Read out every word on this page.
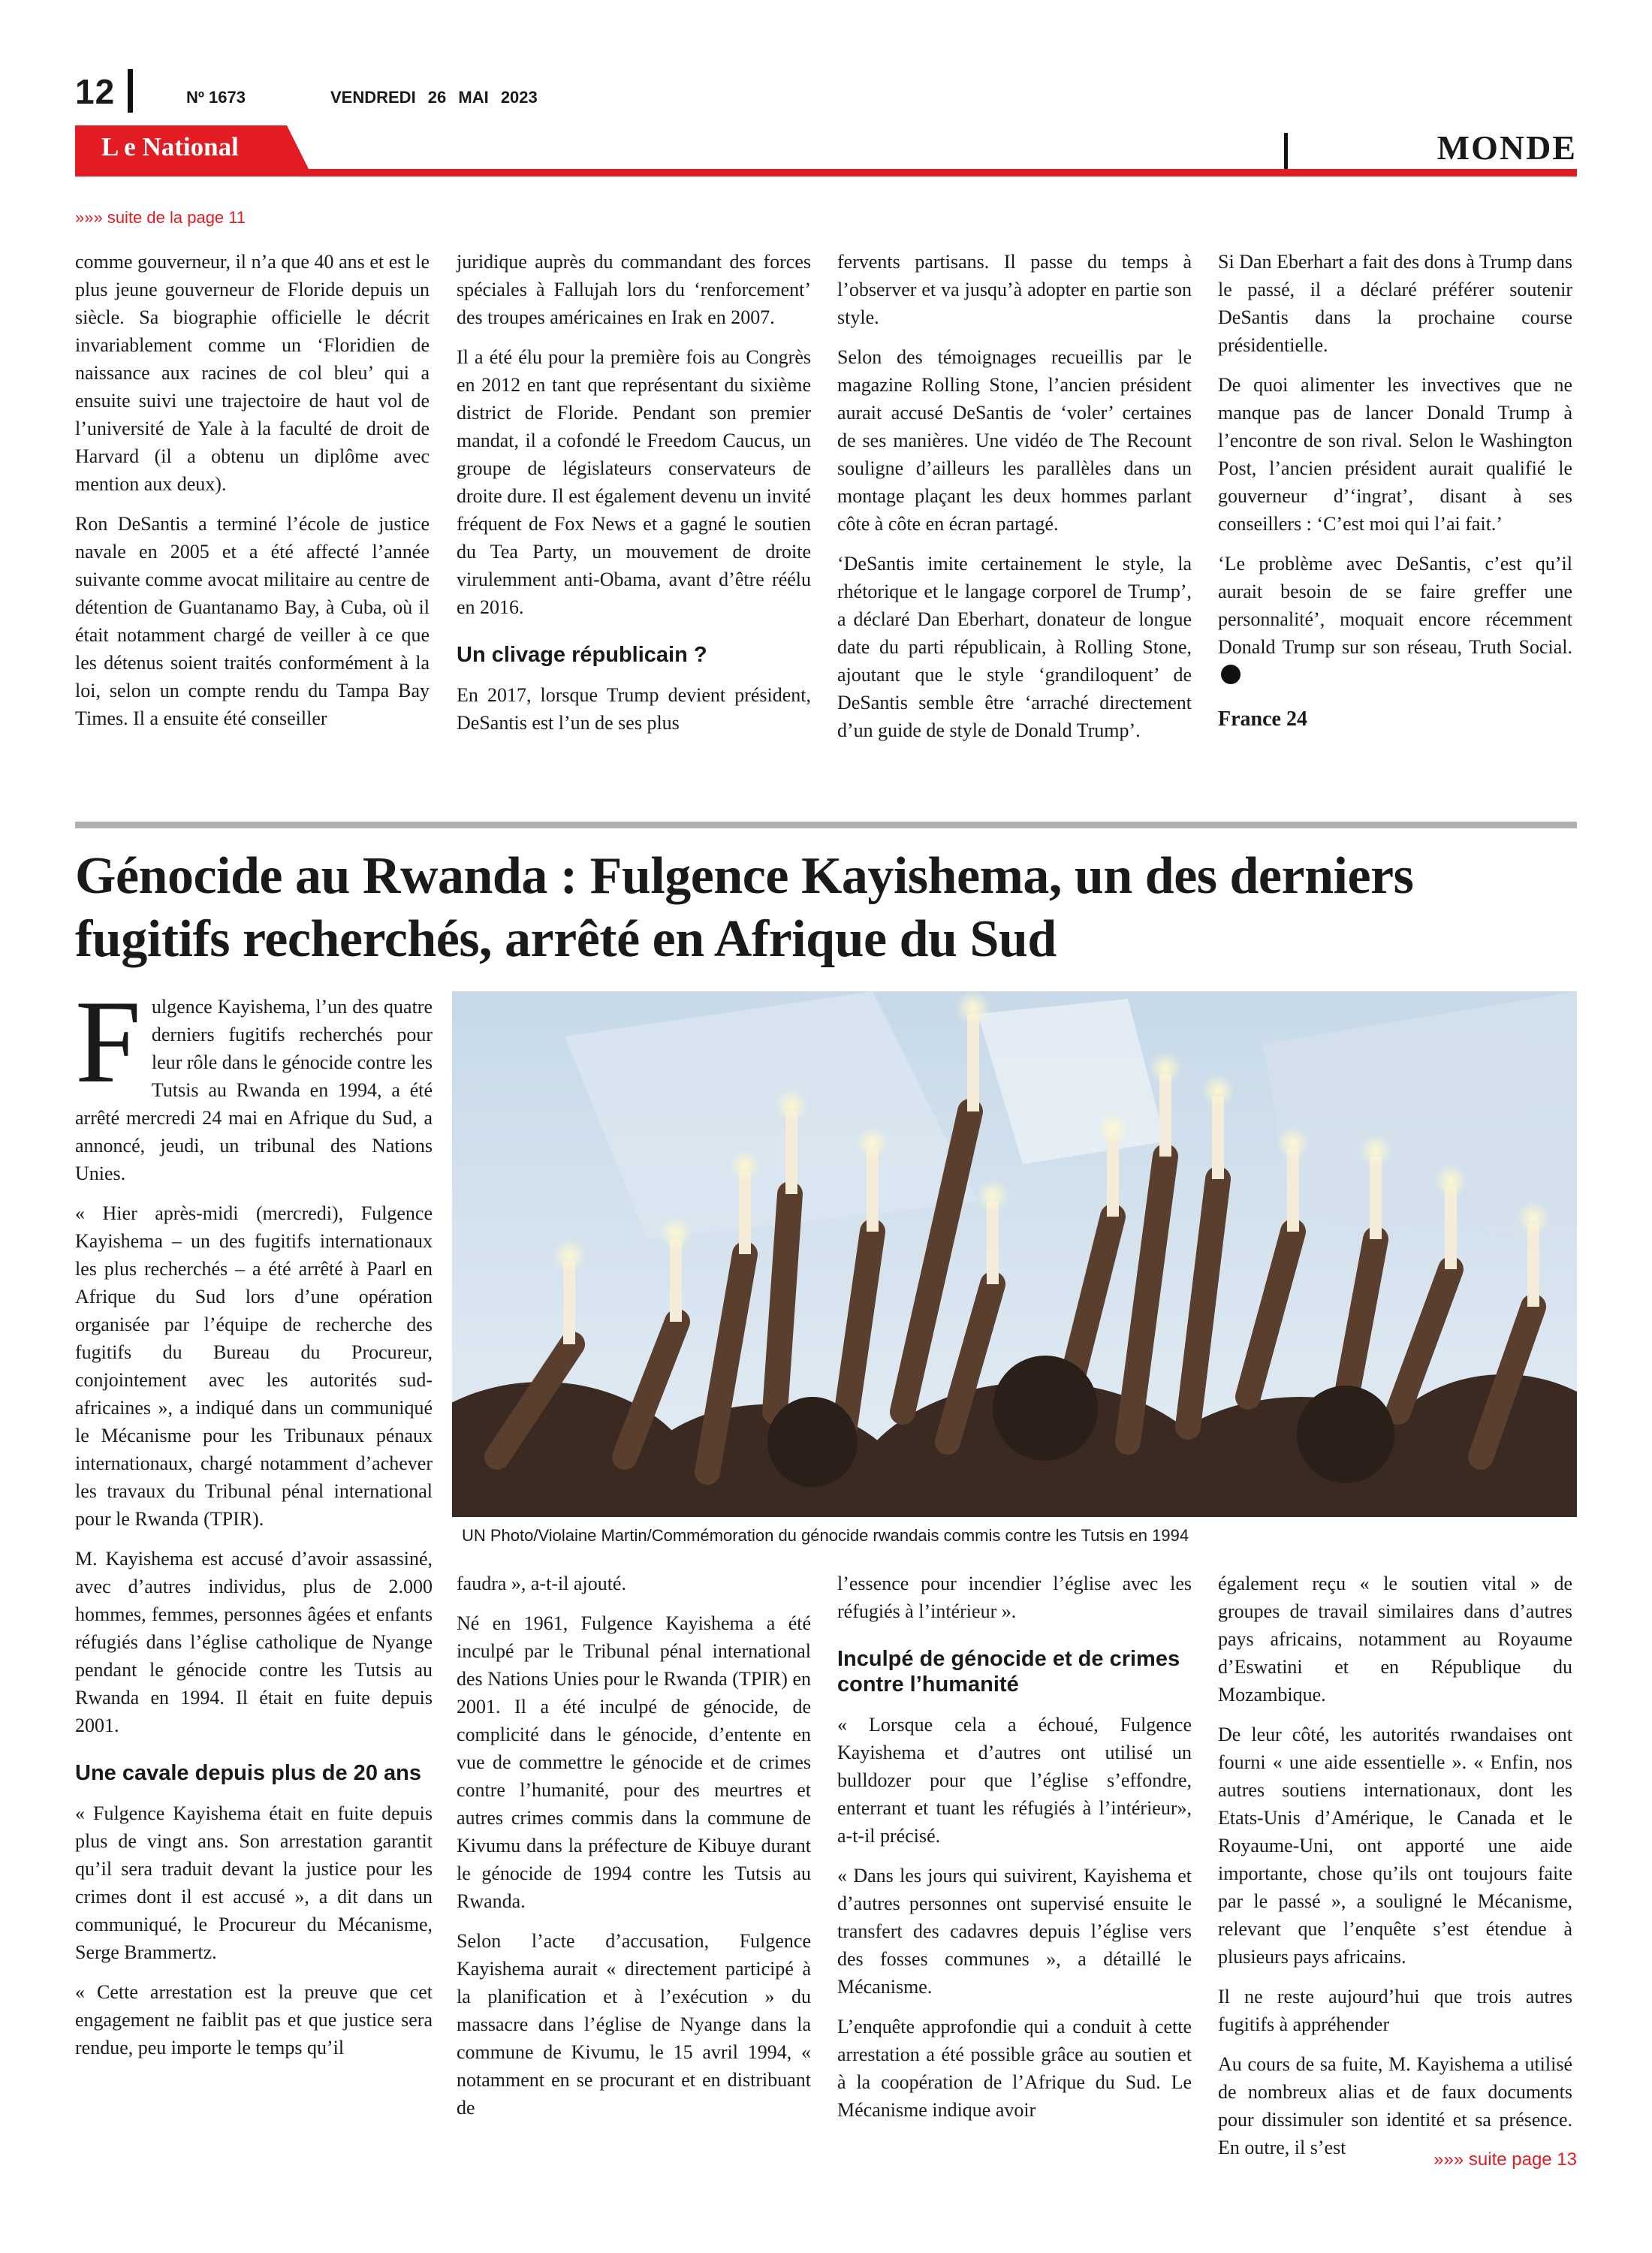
12	Nº 1673	VENDREDI 26 MAI 2023
L e National	MONDE
»»» suite de la page 11

comme gouverneur, il n’a que 40 ans et est le plus jeune gouverneur de Floride depuis un siècle. Sa biographie officielle le décrit invariablement comme un ‘Floridien de naissance aux racines de col bleu’ qui a ensuite suivi une trajectoire de haut vol de l’université de Yale à la faculté de droit de Harvard (il a obtenu un diplôme avec mention aux deux).

Ron DeSantis a terminé l’école de justice navale en 2005 et a été affecté l’année suivante comme avocat militaire au centre de détention de Guantanamo Bay, à Cuba, où il était notamment chargé de veiller à ce que les détenus soient traités conformément à la loi, selon un compte rendu du Tampa Bay Times. Il a ensuite été conseiller

juridique auprès du commandant des forces spéciales à Fallujah lors du ‘renforcement’ des troupes américaines en Irak en 2007.

Il a été élu pour la première fois au Congrès en 2012 en tant que représentant du sixième district de Floride. Pendant son premier mandat, il a cofondé le Freedom Caucus, un groupe de législateurs conservateurs de droite dure. Il est également devenu un invité fréquent de Fox News et a gagné le soutien du Tea Party, un mouvement de droite virulemment anti-Obama, avant d’être réélu en 2016.

Un clivage républicain ?

En 2017, lorsque Trump devient président, DeSantis est l’un de ses plus

fervents partisans. Il passe du temps à l’observer et va jusqu’à adopter en partie son style.

Selon des témoignages recueillis par le magazine Rolling Stone, l’ancien président aurait accusé DeSantis de ‘voler’ certaines de ses manières. Une vidéo de The Recount souligne d’ailleurs les parallèles dans un montage plaçant les deux hommes parlant côte à côte en écran partagé.

‘DeSantis imite certainement le style, la rhétorique et le langage corporel de Trump’, a déclaré Dan Eberhart, donateur de longue date du parti républicain, à Rolling Stone, ajoutant que le style ‘grandiloquent’ de DeSantis semble être ‘arraché directement d’un guide de style de Donald Trump’.

Si Dan Eberhart a fait des dons à Trump dans le passé, il a déclaré préférer soutenir DeSantis dans la prochaine course présidentielle.

De quoi alimenter les invectives que ne manque pas de lancer Donald Trump à l’encontre de son rival. Selon le Washington Post, l’ancien président aurait qualifié le gouverneur d’‘ingrat’, disant à ses conseillers : ‘C’est moi qui l’ai fait.’

‘Le problème avec DeSantis, c’est qu’il aurait besoin de se faire greffer une personnalité’, moquait encore récemment Donald Trump sur son réseau, Truth Social.

France 24

Génocide au Rwanda : Fulgence Kayishema, un des derniers fugitifs recherchés, arrêté en Afrique du Sud
UN Photo/Violaine Martin/Commémoration du génocide rwandais commis contre les Tutsis en 1994

Fulgence Kayishema, l’un des quatre derniers fugitifs recherchés pour leur rôle dans le génocide contre les Tutsis au Rwanda en 1994, a été arrêté mercredi 24 mai en Afrique du Sud, a annoncé, jeudi, un tribunal des Nations Unies.

« Hier après-midi (mercredi), Fulgence Kayishema – un des fugitifs internationaux les plus recherchés – a été arrêté à Paarl en Afrique du Sud lors d’une opération organisée par l’équipe de recherche des fugitifs du Bureau du Procureur, conjointement avec les autorités sud-africaines », a indiqué dans un communiqué le Mécanisme pour les Tribunaux pénaux internationaux, chargé notamment d’achever les travaux du Tribunal pénal international pour le Rwanda (TPIR).

M. Kayishema est accusé d’avoir assassiné, avec d’autres individus, plus de 2.000 hommes, femmes, personnes âgées et enfants réfugiés dans l’église catholique de Nyange pendant le génocide contre les Tutsis au Rwanda en 1994. Il était en fuite depuis 2001.

Une cavale depuis plus de 20 ans

« Fulgence Kayishema était en fuite depuis plus de vingt ans. Son arrestation garantit qu’il sera traduit devant la justice pour les crimes dont il est accusé », a dit dans un communiqué, le Procureur du Mécanisme, Serge Brammertz.

« Cette arrestation est la preuve que cet engagement ne faiblit pas et que justice sera rendue, peu importe le temps qu’il

faudra », a-t-il ajouté.

Né en 1961, Fulgence Kayishema a été inculpé par le Tribunal pénal international des Nations Unies pour le Rwanda (TPIR) en 2001. Il a été inculpé de génocide, de complicité dans le génocide, d’entente en vue de commettre le génocide et de crimes contre l’humanité, pour des meurtres et autres crimes commis dans la commune de Kivumu dans la préfecture de Kibuye durant le génocide de 1994 contre les Tutsis au Rwanda.

Selon l’acte d’accusation, Fulgence Kayishema aurait « directement participé à la planification et à l’exécution » du massacre dans l’église de Nyange dans la commune de Kivumu, le 15 avril 1994, « notamment en se procurant et en distribuant de

l’essence pour incendier l’église avec les réfugiés à l’intérieur ».

Inculpé de génocide et de crimes contre l’humanité

« Lorsque cela a échoué, Fulgence Kayishema et d’autres ont utilisé un bulldozer pour que l’église s’effondre, enterrant et tuant les réfugiés à l’intérieur», a-t-il précisé.

« Dans les jours qui suivirent, Kayishema et d’autres personnes ont supervisé ensuite le transfert des cadavres depuis l’église vers des fosses communes », a détaillé le Mécanisme.

L’enquête approfondie qui a conduit à cette arrestation a été possible grâce au soutien et à la coopération de l’Afrique du Sud. Le Mécanisme indique avoir

également reçu « le soutien vital » de groupes de travail similaires dans d’autres pays africains, notamment au Royaume d’Eswatini et en République du Mozambique.

De leur côté, les autorités rwandaises ont fourni « une aide essentielle ». « Enfin, nos autres soutiens internationaux, dont les Etats-Unis d’Amérique, le Canada et le Royaume-Uni, ont apporté une aide importante, chose qu’ils ont toujours faite par le passé », a souligné le Mécanisme, relevant que l’enquête s’est étendue à plusieurs pays africains.

Il ne reste aujourd’hui que trois autres fugitifs à appréhender

Au cours de sa fuite, M. Kayishema a utilisé de nombreux alias et de faux documents pour dissimuler son identité et sa présence. En outre, il s’est

»»» suite page 13
